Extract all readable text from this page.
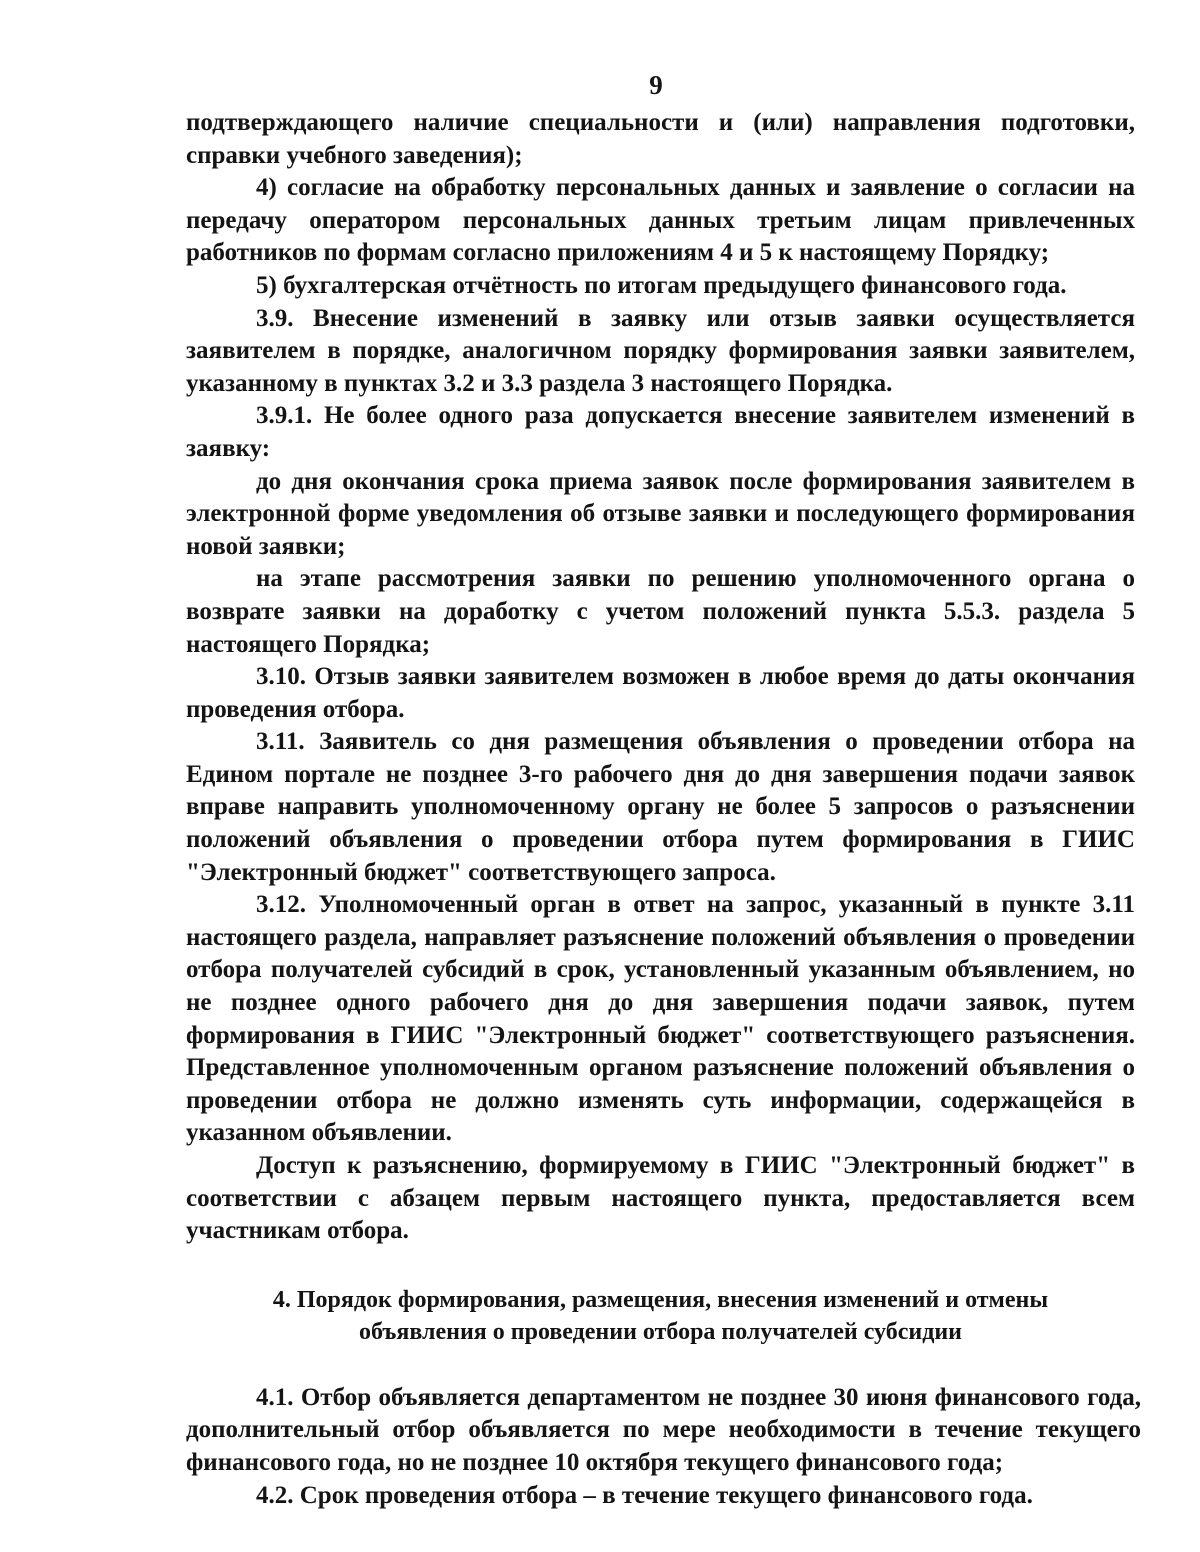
9

подтверждающего наличие специальности и (или) направления подготовки, справки учебного заведения);

4) согласие на обработку персональных данных и заявление о согласии на передачу оператором персональных данных третьим лицам привлеченных работников по формам согласно приложениям 4 и 5 к настоящему Порядку;

5) бухгалтерская отчётность по итогам предыдущего финансового года.

3.9. Внесение изменений в заявку или отзыв заявки осуществляется заявителем в порядке, аналогичном порядку формирования заявки заявителем, указанному в пунктах 3.2 и 3.3 раздела 3 настоящего Порядка.

3.9.1. Не более одного раза допускается внесение заявителем изменений в заявку:

до дня окончания срока приема заявок после формирования заявителем в электронной форме уведомления об отзыве заявки и последующего формирования новой заявки;

на этапе рассмотрения заявки по решению уполномоченного органа о возврате заявки на доработку с учетом положений пункта 5.5.3. раздела 5 настоящего Порядка;

3.10. Отзыв заявки заявителем возможен в любое время до даты окончания проведения отбора.

3.11. Заявитель со дня размещения объявления о проведении отбора на Едином портале не позднее 3-го рабочего дня до дня завершения подачи заявок вправе направить уполномоченному органу не более 5 запросов о разъяснении положений объявления о проведении отбора путем формирования в ГИИС "Электронный бюджет" соответствующего запроса.

3.12. Уполномоченный орган в ответ на запрос, указанный в пункте 3.11 настоящего раздела, направляет разъяснение положений объявления о проведении отбора получателей субсидий в срок, установленный указанным объявлением, но не позднее одного рабочего дня до дня завершения подачи заявок, путем формирования в ГИИС "Электронный бюджет" соответствующего разъяснения. Представленное уполномоченным органом разъяснение положений объявления о проведении отбора не должно изменять суть информации, содержащейся в указанном объявлении.

Доступ к разъяснению, формируемому в ГИИС "Электронный бюджет" в соответствии с абзацем первым настоящего пункта, предоставляется всем участникам отбора.

4. Порядок формирования, размещения, внесения изменений и отмены
объявления о проведении отбора получателей субсидии

4.1. Отбор объявляется департаментом не позднее 30 июня финансового года, дополнительный отбор объявляется по мере необходимости в течение текущего финансового года, но не позднее 10 октября текущего финансового года;

4.2. Срок проведения отбора – в течение текущего финансового года.
